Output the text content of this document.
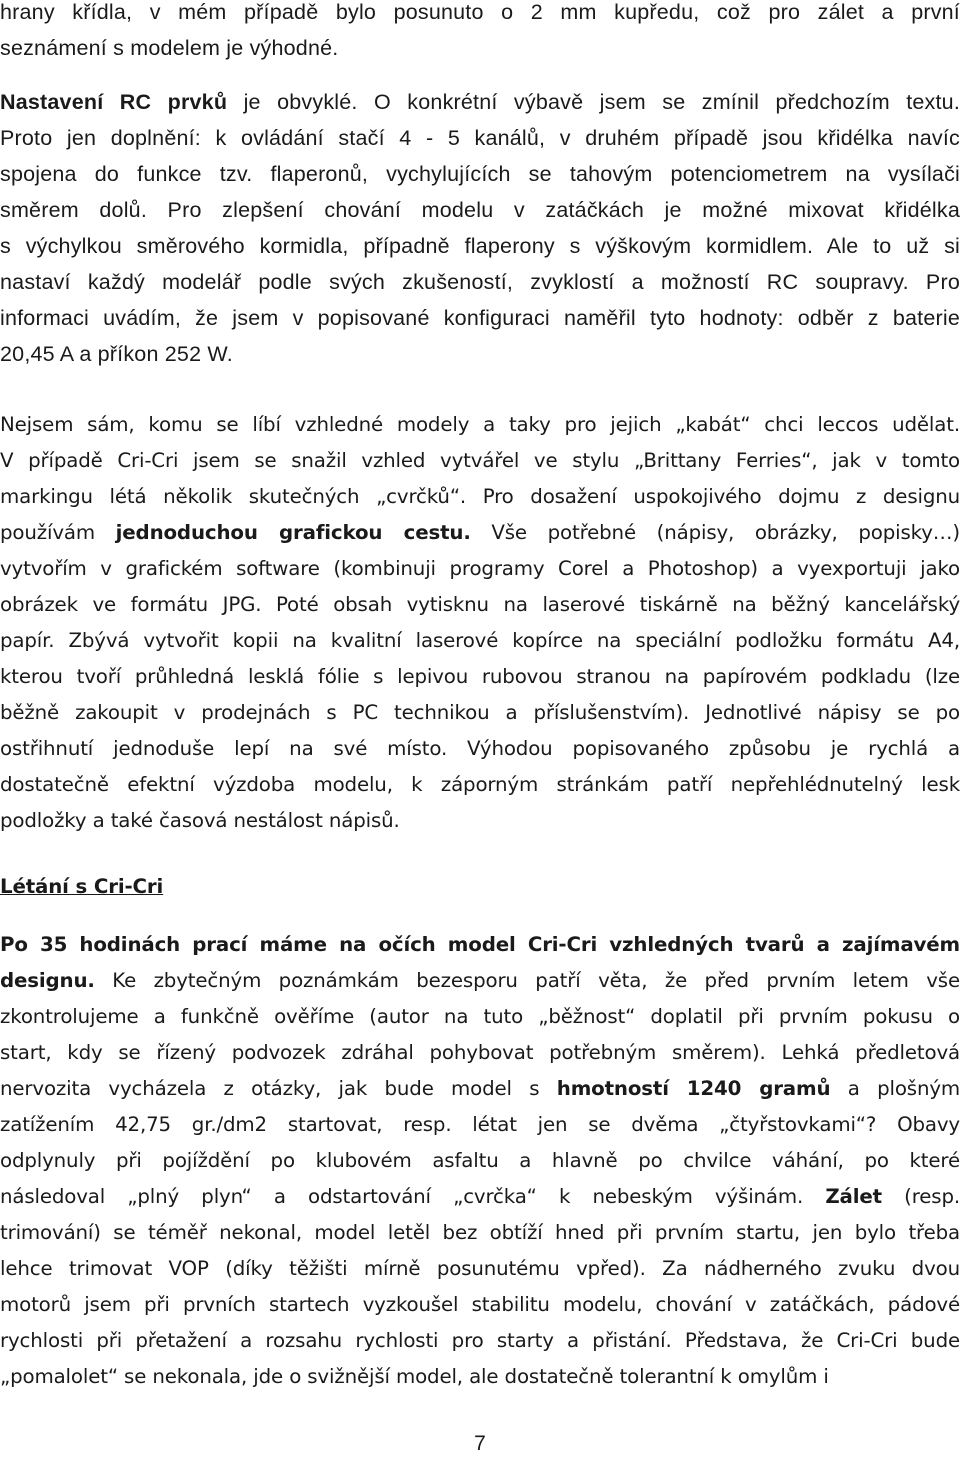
hrany křídla, v mém případě bylo posunuto o 2 mm kupředu, což pro zálet a první
seznámení s modelem je výhodné.
Nastavení RC prvků je obvyklé. O konkrétní výbavě jsem se zmínil předchozím textu.
Proto jen doplnění: k ovládání stačí 4 - 5 kanálů, v druhém případě jsou křidélka navíc
spojena do funkce tzv. flaperonů, vychylujících se tahovým potenciometrem na vysílači
směrem dolů. Pro zlepšení chování modelu v zatáčkách je možné mixovat křidélka
s výchylkou směrového kormidla, případně flaperony s výškovým kormidlem. Ale to už si
nastaví každý modelář podle svých zkušeností, zvyklostí a možností RC soupravy. Pro
informaci uvádím, že jsem v popisované konfiguraci naměřil tyto hodnoty: odběr z baterie
20,45 A a příkon 252 W.
Nejsem sám, komu se líbí vzhledné modely a taky pro jejich „kabát“ chci leccos udělat.
V případě Cri-Cri jsem se snažil vzhled vytvářel ve stylu „Brittany Ferries“, jak v tomto
markingu létá několik skutečných „cvrčků“. Pro dosažení uspokojivého dojmu z designu
používám jednoduchou grafickou cestu. Vše potřebné (nápisy, obrázky, popisky…)
vytvořím v grafickém software (kombinuji programy Corel a Photoshop) a vyexportuji jako
obrázek ve formátu JPG. Poté obsah vytisknu na laserové tiskárně na běžný kancelářský
papír. Zbývá vytvořit kopii na kvalitní laserové kopírce na speciální podložku formátu A4,
kterou tvoří průhledná lesklá fólie s lepivou rubovou stranou na papírovém podkladu (lze
běžně zakoupit v prodejnách s PC technikou a příslušenstvím). Jednotlivé nápisy se po
ostřihnutí jednoduše lepí na své místo. Výhodou popisovaného způsobu je rychlá a
dostatečně efektní výzdoba modelu, k záporným stránkám patří nepřehlédnutelný lesk
podložky a také časová nestálost nápisů.
Létání s Cri-Cri
Po 35 hodinách prací máme na očích model Cri-Cri vzhledných tvarů a zajímavém
designu. Ke zbytečným poznámkám bezesporu patří věta, že před prvním letem vše
zkontrolujeme a funkčně ověříme (autor na tuto „běžnost“ doplatil při prvním pokusu o
start, kdy se řízený podvozek zdráhal pohybovat potřebným směrem). Lehká předletová
nervozita vycházela z otázky, jak bude model s hmotností 1240 gramů a plošným
zatížením 42,75 gr./dm2 startovat, resp. létat jen se dvěma „čtyřstovkami“? Obavy
odplynuly při pojíždění po klubovém asfaltu a hlavně po chvilce váhání, po které
následoval „plný plyn“ a odstartování „cvrčka“ k nebeským výšinám. Zálet (resp.
trimování) se téměř nekonal, model letěl bez obtíží hned při prvním startu, jen bylo třeba
lehce trimovat VOP (díky těžišti mírně posunutému vpřed). Za nádherného zvuku dvou
motorů jsem při prvních startech vyzkoušel stabilitu modelu, chování v zatáčkách, pádové
rychlosti při přetažení a rozsahu rychlosti pro starty a přistání. Představa, že Cri-Cri bude
„pomalolet“ se nekonala, jde o svižnější model, ale dostatečně tolerantní k omylům i
7
